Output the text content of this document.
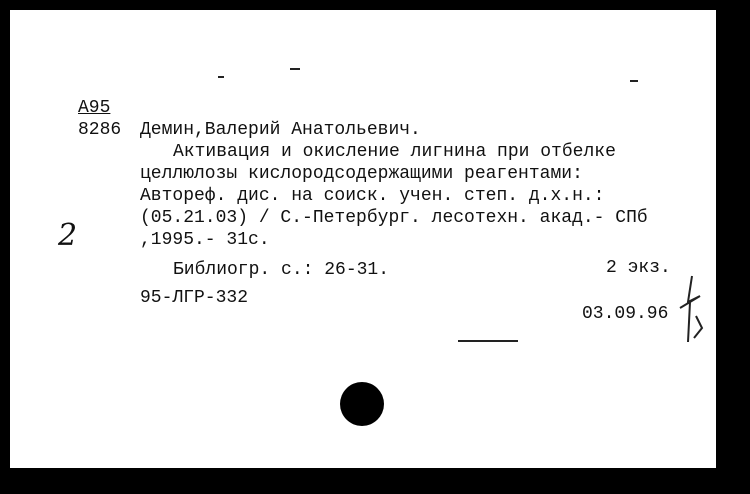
А95
8286 Демин,Валерий Анатольевич.
Активация и окисление лигнина при отбелке
целлюлозы кислородсодержащими реагентами:
Автореф. дис. на соиск. учен. степ. д.х.н.:
(05.21.03) / С.-Петербург. лесотехн. акад.- СПб
,1995.- 31с.
Библиогр. с.: 26-31.	2 экз.
95-ЛГР-332
03.09.96
2
